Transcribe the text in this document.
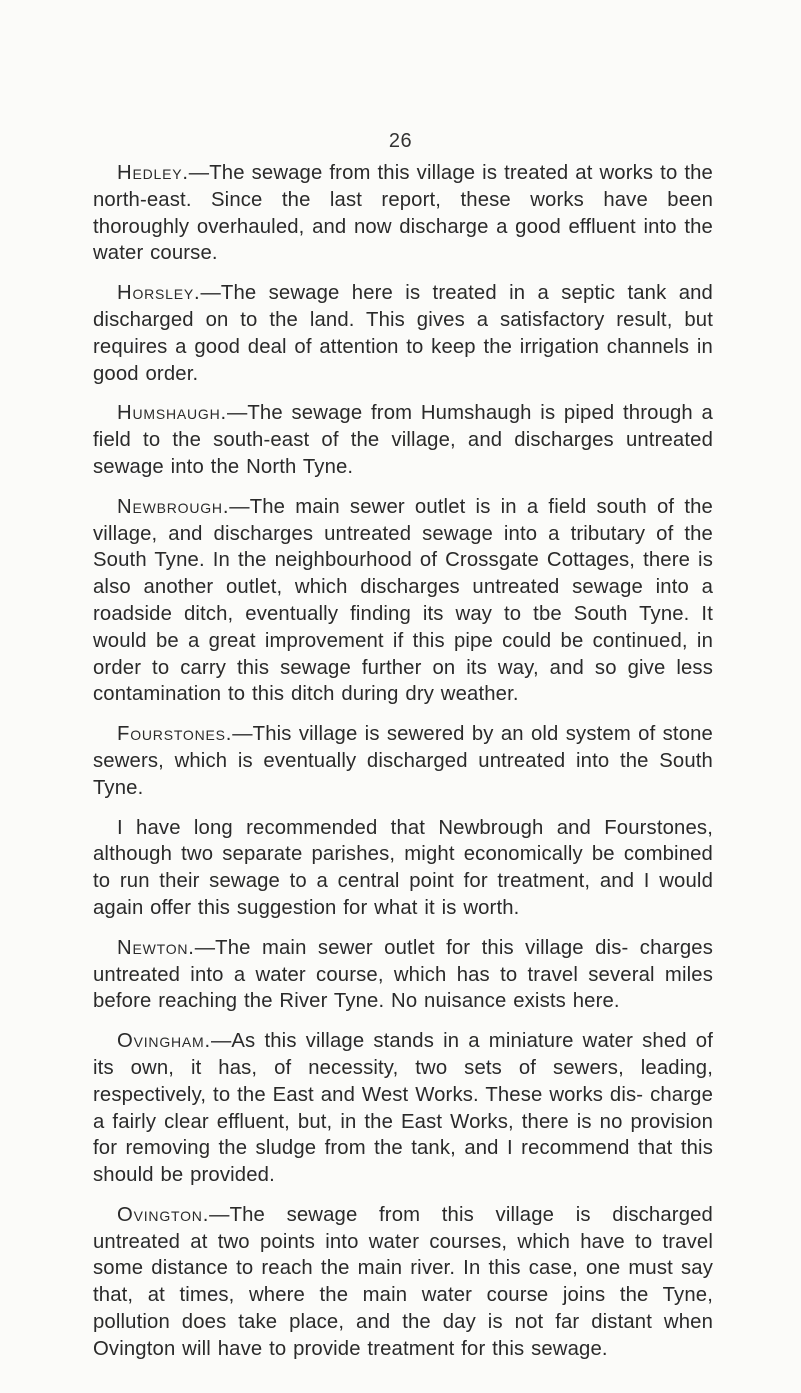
26

Hedley.—The sewage from this village is treated at works to the north-east. Since the last report, these works have been thoroughly overhauled, and now discharge a good effluent into the water course.

Horsley.—The sewage here is treated in a septic tank and discharged on to the land. This gives a satisfactory result, but requires a good deal of attention to keep the irrigation channels in good order.

Humshaugh.—The sewage from Humshaugh is piped through a field to the south-east of the village, and discharges untreated sewage into the North Tyne.

Newbrough.—The main sewer outlet is in a field south of the village, and discharges untreated sewage into a tributary of the South Tyne. In the neighbourhood of Crossgate Cottages, there is also another outlet, which discharges untreated sewage into a roadside ditch, eventually finding its way to tbe South Tyne. It would be a great improvement if this pipe could be continued, in order to carry this sewage further on its way, and so give less contamination to this ditch during dry weather.

Fourstones.—This village is sewered by an old system of stone sewers, which is eventually discharged untreated into the South Tyne.

I have long recommended that Newbrough and Fourstones, although two separate parishes, might economically be combined to run their sewage to a central point for treatment, and I would again offer this suggestion for what it is worth.

Newton.—The main sewer outlet for this village dis- charges untreated into a water course, which has to travel several miles before reaching the River Tyne. No nuisance exists here.

Ovingham.—As this village stands in a miniature water shed of its own, it has, of necessity, two sets of sewers, leading, respectively, to the East and West Works. These works dis- charge a fairly clear effluent, but, in the East Works, there is no provision for removing the sludge from the tank, and I recommend that this should be provided.

Ovington.—The sewage from this village is discharged untreated at two points into water courses, which have to travel some distance to reach the main river. In this case, one must say that, at times, where the main water course joins the Tyne, pollution does take place, and the day is not far distant when Ovington will have to provide treatment for this sewage.
